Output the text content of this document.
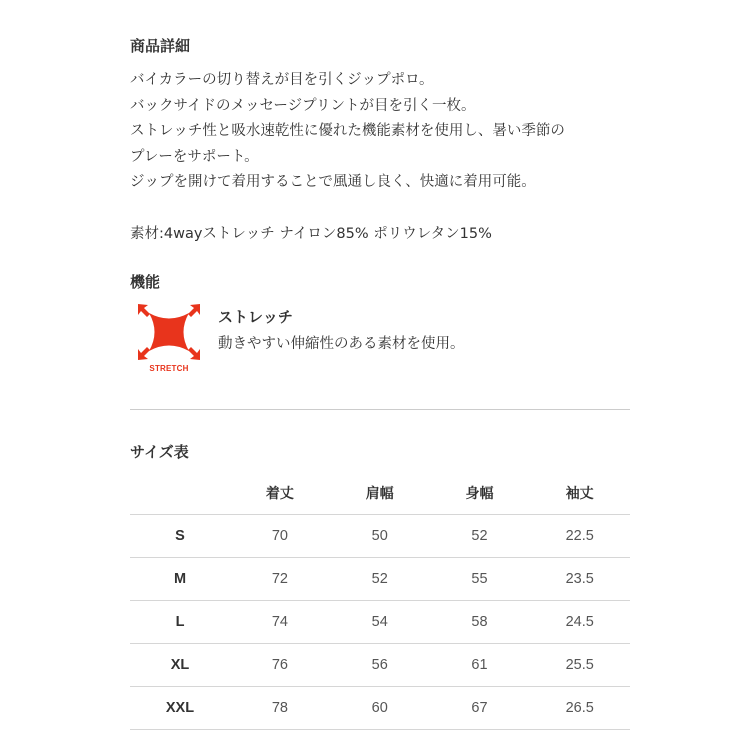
商品詳細
バイカラーの切り替えが目を引くジップポロ。
バックサイドのメッセージプリントが目を引く一枚。
ストレッチ性と吸水速乾性に優れた機能素材を使用し、暑い季節の
プレーをサポート。
ジップを開けて着用することで風通し良く、快適に着用可能。
素材:4wayストレッチ ナイロン85% ポリウレタン15%
機能
STRETCH
ストレッチ
動きやすい伸縮性のある素材を使用。
サイズ表
	着丈	肩幅	身幅	袖丈
S	70	50	52	22.5
M	72	52	55	23.5
L	74	54	58	24.5
XL	76	56	61	25.5
XXL	78	60	67	26.5
